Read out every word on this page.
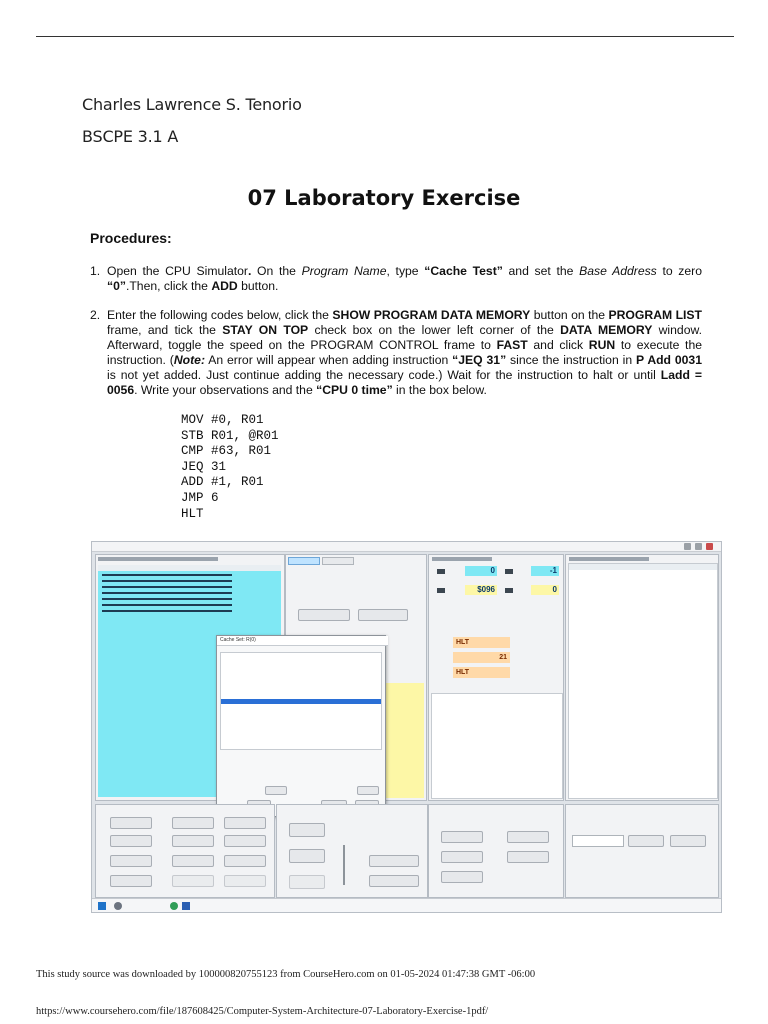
Charles Lawrence S. Tenorio
BSCPE 3.1 A
07 Laboratory Exercise
Procedures:
1. Open the CPU Simulator. On the Program Name, type “Cache Test” and set the Base Address to zero “0”.Then, click the ADD button.
2. Enter the following codes below, click the SHOW PROGRAM DATA MEMORY button on the PROGRAM LIST frame, and tick the STAY ON TOP check box on the lower left corner of the DATA MEMORY window. Afterward, toggle the speed on the PROGRAM CONTROL frame to FAST and click RUN to execute the instruction. (Note: An error will appear when adding instruction “JEQ 31” since the instruction in P Add 0031 is not yet added. Just continue adding the necessary code.) Wait for the instruction to halt or until Ladd = 0056. Write your observations and the “CPU 0 time” in the box below.
MOV #0, R01
STB R01, @R01
CMP #63, R01
JEQ 31
ADD #1, R01
JMP 6
HLT
0	-1
$096	0
HLT
21
HLT
Cache Set: R(0)
This study source was downloaded by 100000820755123 from CourseHero.com on 01-05-2024 01:47:38 GMT -06:00
https://www.coursehero.com/file/187608425/Computer-System-Architecture-07-Laboratory-Exercise-1pdf/
